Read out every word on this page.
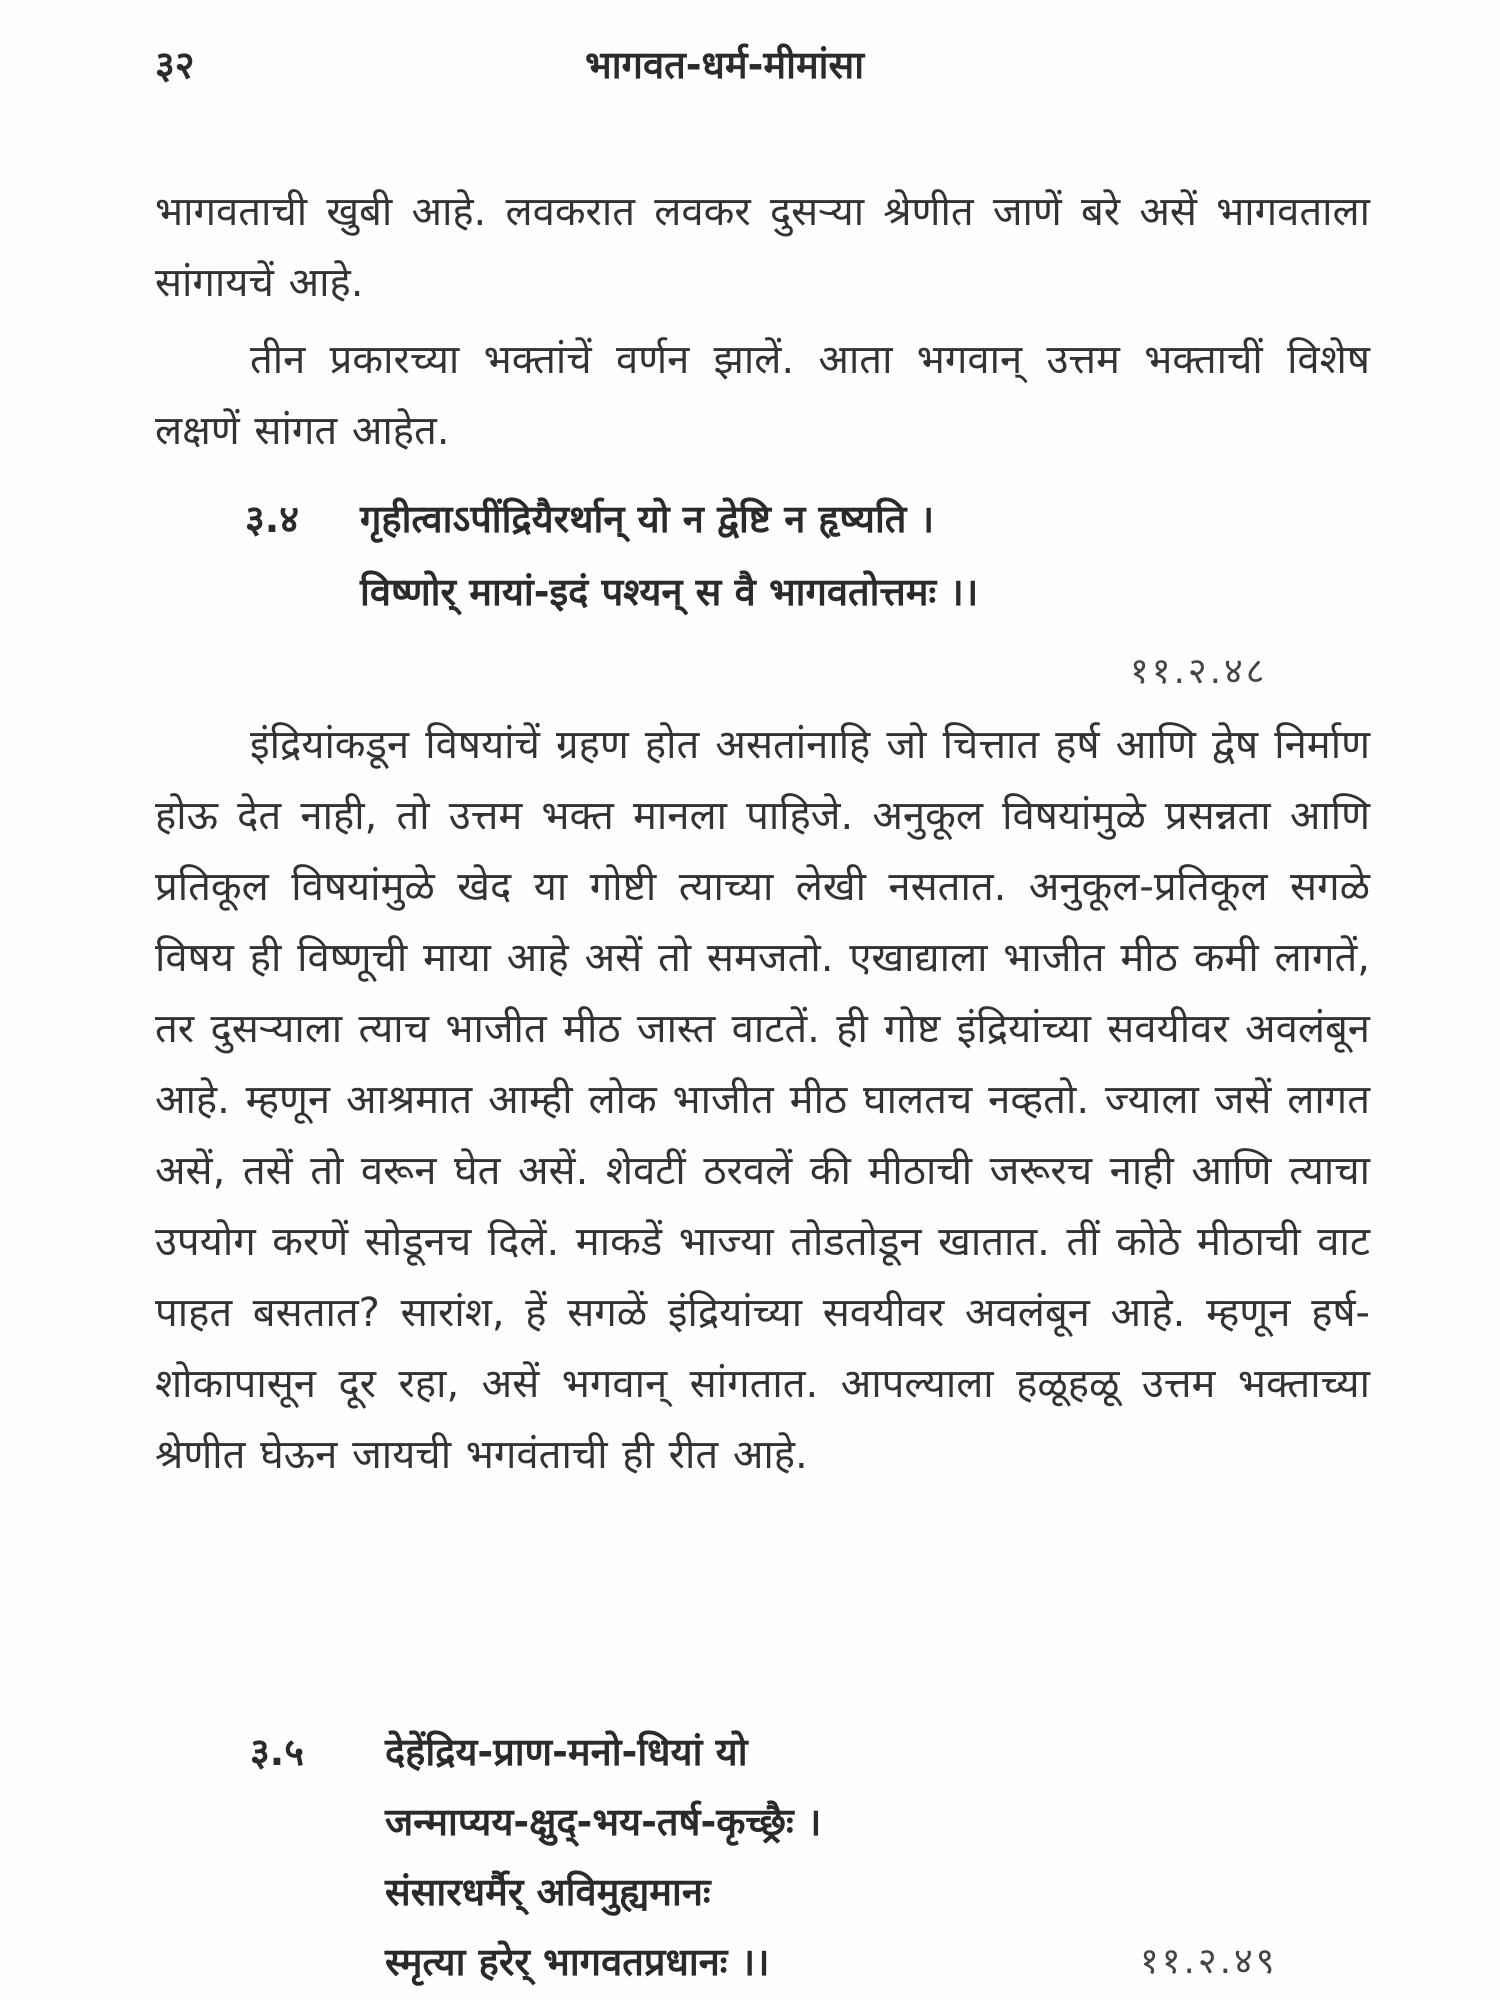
३२	भागवत-धर्म-मीमांसा

भागवताची खुबी आहे. लवकरात लवकर दुसऱ्या श्रेणीत जाणें बरे असें भागवताला सांगायचें आहे.

तीन प्रकारच्या भक्तांचें वर्णन झालें. आता भगवान् उत्तम भक्ताचीं विशेष लक्षणें सांगत आहेत.

३.४ गृहीत्वाऽपींद्रियैरर्थान् यो न द्वेष्टि न हृष्यति ।
विष्णोर् मायां-इदं पश्यन् स वै भागवतोत्तमः ।।
११.२.४८

इंद्रियांकडून विषयांचें ग्रहण होत असतांनाहि जो चित्तात हर्ष आणि द्वेष निर्माण होऊ देत नाही, तो उत्तम भक्त मानला पाहिजे. अनुकूल विषयांमुळे प्रसन्नता आणि प्रतिकूल विषयांमुळे खेद या गोष्टी त्याच्या लेखी नसतात. अनुकूल-प्रतिकूल सगळे विषय ही विष्णूची माया आहे असें तो समजतो. एखाद्याला भाजीत मीठ कमी लागतें, तर दुसऱ्याला त्याच भाजीत मीठ जास्त वाटतें. ही गोष्ट इंद्रियांच्या सवयीवर अवलंबून आहे. म्हणून आश्रमात आम्ही लोक भाजीत मीठ घालतच नव्हतो. ज्याला जसें लागत असें, तसें तो वरून घेत असें. शेवटीं ठरवलें की मीठाची जरूरच नाही आणि त्याचा उपयोग करणें सोडूनच दिलें. माकडें भाज्या तोडतोडून खातात. तीं कोठे मीठाची वाट पाहत बसतात? सारांश, हें सगळें इंद्रियांच्या सवयीवर अवलंबून आहे. म्हणून हर्ष-शोकापासून दूर रहा, असें भगवान् सांगतात. आपल्याला हळूहळू उत्तम भक्ताच्या श्रेणीत घेऊन जायची भगवंताची ही रीत आहे.

३.५ देहेंद्रिय-प्राण-मनो-धियां यो
जन्माप्यय-क्षुद्-भय-तर्ष-कृच्छ्रैः ।
संसारधर्मैर् अविमुह्यमानः
स्मृत्या हरेर् भागवतप्रधानः ।।	११.२.४९
